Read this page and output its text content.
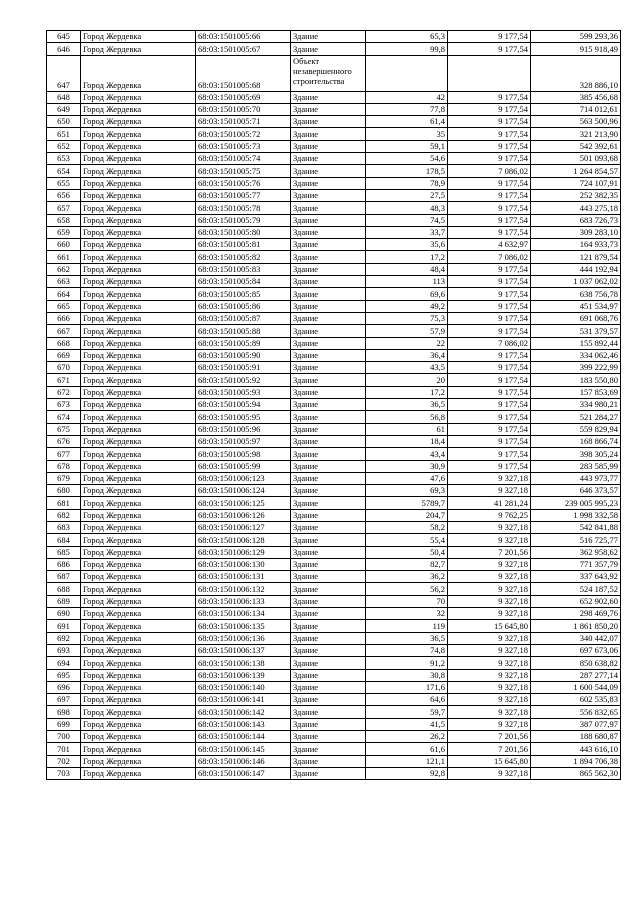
645	Город Жердевка	68:03:1501005:66	Здание	65,3	9 177,54	599 293,36
646	Город Жердевка	68:03:1501005:67	Здание	99,8	9 177,54	915 918,49
647	Город Жердевка	68:03:1501005:68	Объект незавершенного строительства			328 886,10
648	Город Жердевка	68:03:1501005:69	Здание	42	9 177,54	385 456,68
649	Город Жердевка	68:03:1501005:70	Здание	77,8	9 177,54	714 012,61
650	Город Жердевка	68:03:1501005:71	Здание	61,4	9 177,54	563 500,96
651	Город Жердевка	68:03:1501005:72	Здание	35	9 177,54	321 213,90
652	Город Жердевка	68:03:1501005:73	Здание	59,1	9 177,54	542 392,61
653	Город Жердевка	68:03:1501005:74	Здание	54,6	9 177,54	501 093,68
654	Город Жердевка	68:03:1501005:75	Здание	178,5	7 086,02	1 264 854,57
655	Город Жердевка	68:03:1501005:76	Здание	78,9	9 177,54	724 107,91
656	Город Жердевка	68:03:1501005:77	Здание	27,5	9 177,54	252 382,35
657	Город Жердевка	68:03:1501005:78	Здание	48,3	9 177,54	443 275,18
658	Город Жердевка	68:03:1501005:79	Здание	74,5	9 177,54	683 726,73
659	Город Жердевка	68:03:1501005:80	Здание	33,7	9 177,54	309 283,10
660	Город Жердевка	68:03:1501005:81	Здание	35,6	4 632,97	164 933,73
661	Город Жердевка	68:03:1501005:82	Здание	17,2	7 086,02	121 879,54
662	Город Жердевка	68:03:1501005:83	Здание	48,4	9 177,54	444 192,94
663	Город Жердевка	68:03:1501005:84	Здание	113	9 177,54	1 037 062,02
664	Город Жердевка	68:03:1501005:85	Здание	69,6	9 177,54	638 756,78
665	Город Жердевка	68:03:1501005:86	Здание	49,2	9 177,54	451 534,97
666	Город Жердевка	68:03:1501005:87	Здание	75,3	9 177,54	691 068,76
667	Город Жердевка	68:03:1501005:88	Здание	57,9	9 177,54	531 379,57
668	Город Жердевка	68:03:1501005:89	Здание	22	7 086,02	155 892,44
669	Город Жердевка	68:03:1501005:90	Здание	36,4	9 177,54	334 062,46
670	Город Жердевка	68:03:1501005:91	Здание	43,5	9 177,54	399 222,99
671	Город Жердевка	68:03:1501005:92	Здание	20	9 177,54	183 550,80
672	Город Жердевка	68:03:1501005:93	Здание	17,2	9 177,54	157 853,69
673	Город Жердевка	68:03:1501005:94	Здание	36,5	9 177,54	334 980,21
674	Город Жердевка	68:03:1501005:95	Здание	56,8	9 177,54	521 284,27
675	Город Жердевка	68:03:1501005:96	Здание	61	9 177,54	559 829,94
676	Город Жердевка	68:03:1501005:97	Здание	18,4	9 177,54	168 866,74
677	Город Жердевка	68:03:1501005:98	Здание	43,4	9 177,54	398 305,24
678	Город Жердевка	68:03:1501005:99	Здание	30,9	9 177,54	283 585,99
679	Город Жердевка	68:03:1501006:123	Здание	47,6	9 327,18	443 973,77
680	Город Жердевка	68:03:1501006:124	Здание	69,3	9 327,18	646 373,57
681	Город Жердевка	68:03:1501006:125	Здание	5789,7	41 281,24	239 005 995,23
682	Город Жердевка	68:03:1501006:126	Здание	204,7	9 762,25	1 998 332,58
683	Город Жердевка	68:03:1501006:127	Здание	58,2	9 327,18	542 841,88
684	Город Жердевка	68:03:1501006:128	Здание	55,4	9 327,18	516 725,77
685	Город Жердевка	68:03:1501006:129	Здание	50,4	7 201,56	362 958,62
686	Город Жердевка	68:03:1501006:130	Здание	82,7	9 327,18	771 357,79
687	Город Жердевка	68:03:1501006:131	Здание	36,2	9 327,18	337 643,92
688	Город Жердевка	68:03:1501006:132	Здание	56,2	9 327,18	524 187,52
689	Город Жердевка	68:03:1501006:133	Здание	70	9 327,18	652 902,60
690	Город Жердевка	68:03:1501006:134	Здание	32	9 327,18	298 469,76
691	Город Жердевка	68:03:1501006:135	Здание	119	15 645,80	1 861 850,20
692	Город Жердевка	68:03:1501006:136	Здание	36,5	9 327,18	340 442,07
693	Город Жердевка	68:03:1501006:137	Здание	74,8	9 327,18	697 673,06
694	Город Жердевка	68:03:1501006:138	Здание	91,2	9 327,18	850 638,82
695	Город Жердевка	68:03:1501006:139	Здание	30,8	9 327,18	287 277,14
696	Город Жердевка	68:03:1501006:140	Здание	171,6	9 327,18	1 600 544,09
697	Город Жердевка	68:03:1501006:141	Здание	64,6	9 327,18	602 535,83
698	Город Жердевка	68:03:1501006:142	Здание	59,7	9 327,18	556 832,65
699	Город Жердевка	68:03:1501006:143	Здание	41,5	9 327,18	387 077,97
700	Город Жердевка	68:03:1501006:144	Здание	26,2	7 201,56	188 680,87
701	Город Жердевка	68:03:1501006:145	Здание	61,6	7 201,56	443 616,10
702	Город Жердевка	68:03:1501006:146	Здание	121,1	15 645,80	1 894 706,38
703	Город Жердевка	68:03:1501006:147	Здание	92,8	9 327,18	865 562,30
